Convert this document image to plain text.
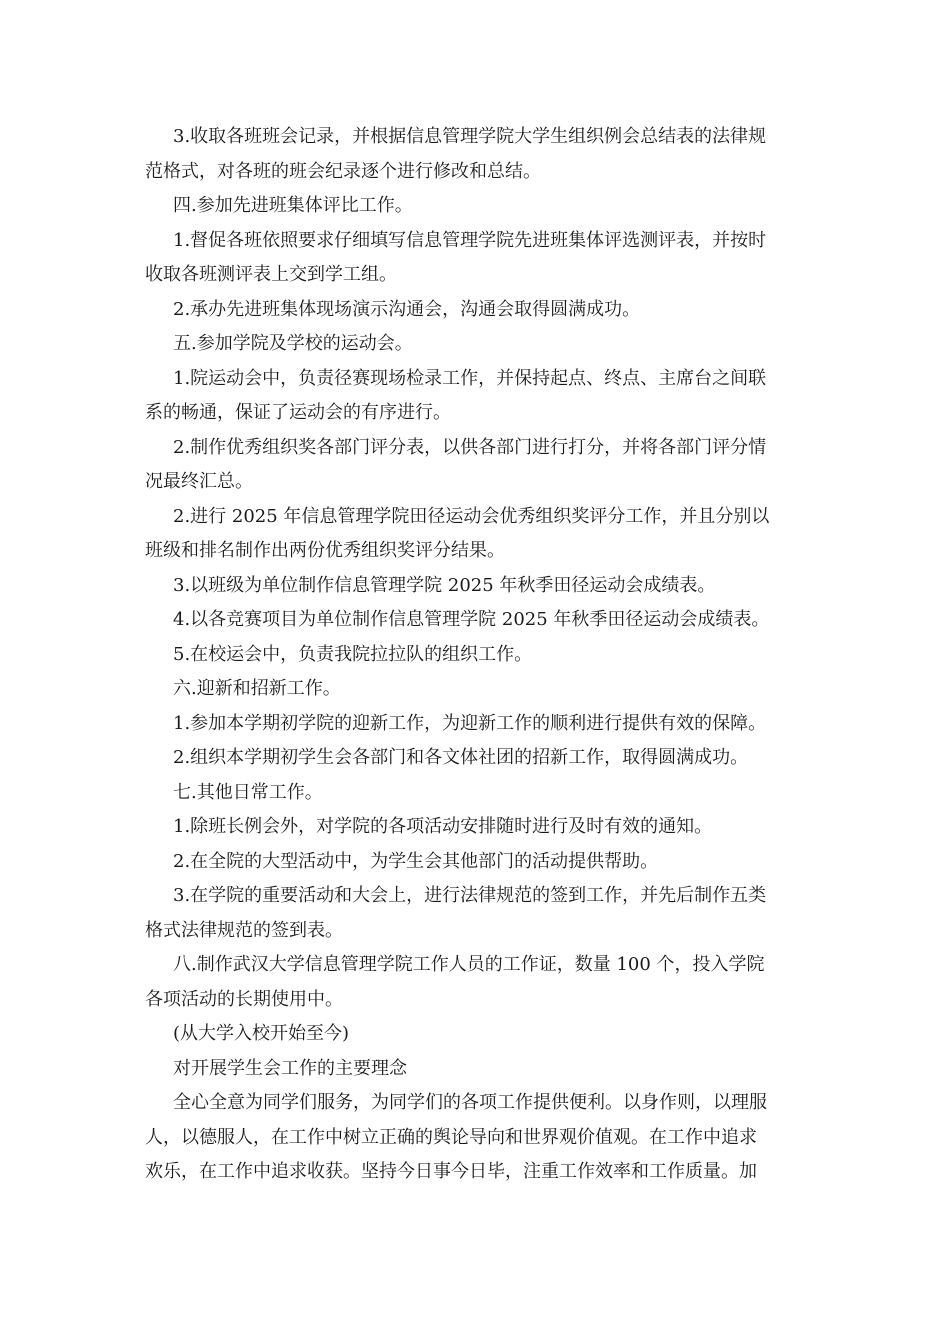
3.收取各班班会记录，并根据信息管理学院大学生组织例会总结表的法律规
范格式，对各班的班会纪录逐个进行修改和总结。
四.参加先进班集体评比工作。
1.督促各班依照要求仔细填写信息管理学院先进班集体评选测评表，并按时
收取各班测评表上交到学工组。
2.承办先进班集体现场演示沟通会，沟通会取得圆满成功。
五.参加学院及学校的运动会。
1.院运动会中，负责径赛现场检录工作，并保持起点、终点、主席台之间联
系的畅通，保证了运动会的有序进行。
2.制作优秀组织奖各部门评分表，以供各部门进行打分，并将各部门评分情
况最终汇总。
2.进行 2025 年信息管理学院田径运动会优秀组织奖评分工作，并且分别以
班级和排名制作出两份优秀组织奖评分结果。
3.以班级为单位制作信息管理学院 2025 年秋季田径运动会成绩表。
4.以各竞赛项目为单位制作信息管理学院 2025 年秋季田径运动会成绩表。
5.在校运会中，负责我院拉拉队的组织工作。
六.迎新和招新工作。
1.参加本学期初学院的迎新工作，为迎新工作的顺利进行提供有效的保障。
2.组织本学期初学生会各部门和各文体社团的招新工作，取得圆满成功。
七.其他日常工作。
1.除班长例会外，对学院的各项活动安排随时进行及时有效的通知。
2.在全院的大型活动中，为学生会其他部门的活动提供帮助。
3.在学院的重要活动和大会上，进行法律规范的签到工作，并先后制作五类
格式法律规范的签到表。
八.制作武汉大学信息管理学院工作人员的工作证，数量 100 个，投入学院
各项活动的长期使用中。
(从大学入校开始至今)
对开展学生会工作的主要理念
全心全意为同学们服务，为同学们的各项工作提供便利。以身作则，以理服
人，以德服人，在工作中树立正确的舆论导向和世界观价值观。在工作中追求
欢乐，在工作中追求收获。坚持今日事今日毕，注重工作效率和工作质量。加
